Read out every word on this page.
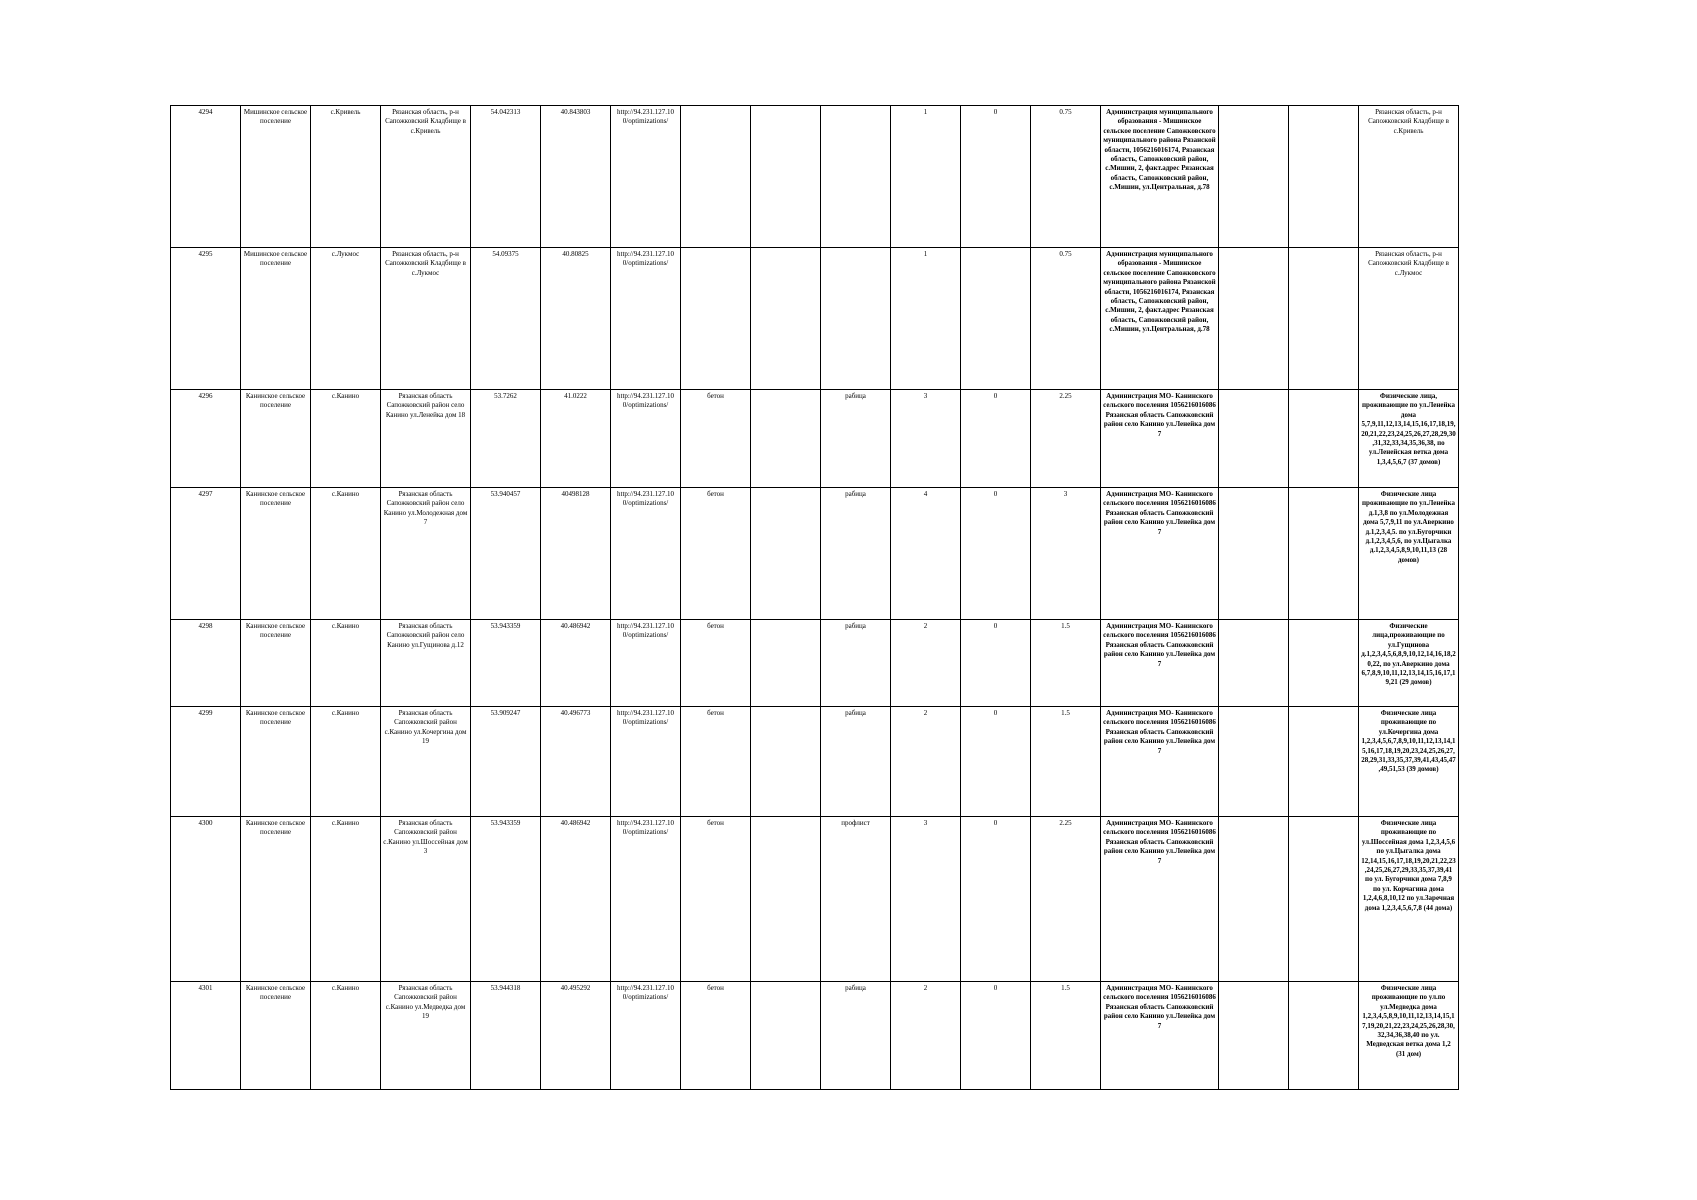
4294	Мишинское сельское поселение	с.Кривель	Рязанская область, р-н Сапожковский Кладбище в с.Кривель	54.042313	40.843803	http://94.231.127.10 0/optimizations/				1	0	0.75	Администрация муниципального образования - Мишинское сельское поселение Сапожковского муниципального района Рязанской области, 1056216016174, Рязанская область, Сапожковский район, с.Мишин, 2, факт.адрес Рязанская область, Сапожковский район, с.Мишин, ул.Центральная, д.78			Рязанская область, р-н Сапожковский Кладбище в с.Кривель
4295	Мишинское сельское поселение	с.Лукмос	Рязанская область, р-н Сапожковский Кладбище в с.Лукмос	54.09375	40.80825	http://94.231.127.10 0/optimizations/				1		0.75	Администрация муниципального образования - Мишинское сельское поселение Сапожковского муниципального района Рязанской области, 1056216016174, Рязанская область, Сапожковский район, с.Мишин, 2, факт.адрес Рязанская область, Сапожковский район, с.Мишин, ул.Центральная, д.78			Рязанская область, р-н Сапожковский Кладбище в с.Лукмос
4296	Канинское сельское поселение	с.Канино	Рязанская область Сапожковский район село Канино ул.Ленейка дом 18	53.7262	41.0222	http://94.231.127.10 0/optimizations/	бетон		рабица	3	0	2.25	Администрация МО- Канинского сельского поселения 1056216016086 Рязанская область Сапожковский район село Канино ул.Ленейка дом 7			Физические лица, проживающие по ул.Ленейка дома 5,7,9,11,12,13,14,15,16,17,18,19,20,21,22,23,24,25,26,27,28,29,30,31,32,33,34,35,36,38, по ул.Ленейская ветка дома 1,3,4,5,6,7 (37 домов)
4297	Канинское сельское поселение	с.Канино	Рязанская область Сапожковский район село Канино ул.Молодежная дом 7	53.940457	40498128	http://94.231.127.10 0/optimizations/	бетон		рабица	4	0	3	Администрация МО- Канинского сельского поселения 1056216016086 Рязанская область Сапожковский район село Канино ул.Ленейка дом 7			Физические лица проживающие по ул.Ленейка д.1,3,8 по ул.Молодежная дома 5,7,9,11 по ул.Аверкино д.1,2,3,4,5. по ул.Бугорчики д.1,2,3,4,5,6, по ул.Цыгалка д.1,2,3,4,5,8,9,10,11,13 (28 домов)
4298	Канинское сельское поселение	с.Канино	Рязанская область Сапожковский район село Канино ул.Гущинова д.12	53.943359	40.486942	http://94.231.127.10 0/optimizations/	бетон		рабица	2	0	1.5	Администрация МО- Канинского сельского поселения 1056216016086 Рязанская область Сапожковский район село Канино ул.Ленейка дом 7			Физические лица,проживающие по ул.Гущинова д.1,2,3,4,5,6,8,9,10,12,14,16,18,20,22, по ул.Аверкино дома 6,7,8,9,10,11,12,13,14,15,16,17,19,21 (29 домов)
4299	Канинское сельское поселение	с.Канино	Рязанская область Сапожковский район с.Канино ул.Кочергина дом 19	53.909247	40.496773	http://94.231.127.10 0/optimizations/	бетон		рабица	2	0	1.5	Администрация МО- Канинского сельского поселения 1056216016086 Рязанская область Сапожковский район село Канино ул.Ленейка дом 7			Физические лица проживающие по ул.Кочергина дома 1,2,3,4,5,6,7,8,9,10,11,12,13,14,15,16,17,18,19,20,23,24,25,26,27,28,29,31,33,35,37,39,41,43,45,47,49,51,53 (39 домов)
4300	Канинское сельское поселение	с.Канино	Рязанская область Сапожковский район с.Канино ул.Шоссейная дом 3	53.943359	40.486942	http://94.231.127.10 0/optimizations/	бетон		профлист	3	0	2.25	Администрация МО- Канинского сельского поселения 1056216016086 Рязанская область Сапожковский район село Канино ул.Ленейка дом 7			Физические лица проживающие по ул.Шоссейная дома 1,2,3,4,5,6 по ул.Цыгалка дома 12,14,15,16,17,18,19,20,21,22,23,24,25,26,27,29,33,35,37,39,41 по ул. Бугорчики дома 7,8,9 по ул. Корчагина дома 1,2,4,6,8,10,12 по ул.Заречная дома 1,2,3,4,5,6,7,8 (44 дома)
4301	Канинское сельское поселение	с.Канино	Рязанская область Сапожковский район с.Канино ул.Медведка дом 19	53.944318	40.495292	http://94.231.127.10 0/optimizations/	бетон		рабица	2	0	1.5	Администрация МО- Канинского сельского поселения 1056216016086 Рязанская область Сапожковский район село Канино ул.Ленейка дом 7			Физические лица проживающие по ул.по ул.Медведка дома 1,2,3,4,5,8,9,10,11,12,13,14,15,17,19,20,21,22,23,24,25,26,28,30,32,34,36,38,40 по ул. Медведская ветка дома 1,2 (31 дом)
